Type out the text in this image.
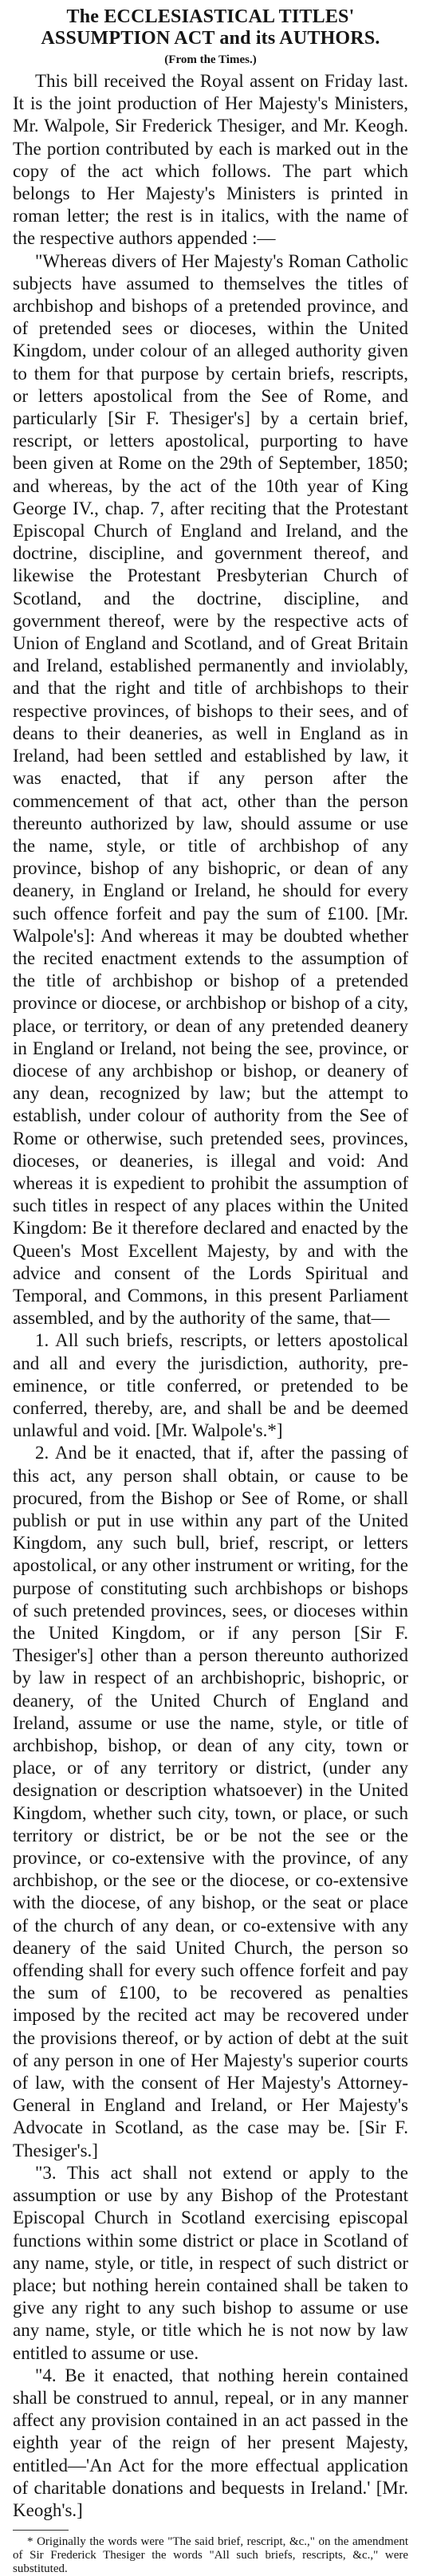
The ECCLESIASTICAL TITLES' ASSUMPTION ACT and its AUTHORS.
(From the Times.)

This bill received the Royal assent on Friday last. It is the joint production of Her Majesty's Ministers, Mr. Walpole, Sir Frederick Thesiger, and Mr. Keogh. The portion contributed by each is marked out in the copy of the act which follows. The part which belongs to Her Majesty's Ministers is printed in roman letter; the rest is in italics, with the name of the respective authors appended :—

"Whereas divers of Her Majesty's Roman Catholic subjects have assumed to themselves the titles of archbishop and bishops of a pretended province, and of pretended sees or dioceses, within the United Kingdom, under colour of an alleged authority given to them for that purpose by certain briefs, rescripts, or letters apostolical from the See of Rome, and particularly [Sir F. Thesiger's] by a certain brief, rescript, or letters apostolical, purporting to have been given at Rome on the 29th of September, 1850; and whereas, by the act of the 10th year of King George IV., chap. 7, after reciting that the Protestant Episcopal Church of England and Ireland, and the doctrine, discipline, and government thereof, and likewise the Protestant Presbyterian Church of Scotland, and the doctrine, discipline, and government thereof, were by the respective acts of Union of England and Scotland, and of Great Britain and Ireland, established permanently and inviolably, and that the right and title of archbishops to their respective provinces, of bishops to their sees, and of deans to their deaneries, as well in England as in Ireland, had been settled and established by law, it was enacted, that if any person after the commencement of that act, other than the person thereunto authorized by law, should assume or use the name, style, or title of archbishop of any province, bishop of any bishopric, or dean of any deanery, in England or Ireland, he should for every such offence forfeit and pay the sum of £100. [Mr. Walpole's]: And whereas it may be doubted whether the recited enactment extends to the assumption of the title of archbishop or bishop of a pretended province or diocese, or archbishop or bishop of a city, place, or territory, or dean of any pretended deanery in England or Ireland, not being the see, province, or diocese of any archbishop or bishop, or deanery of any dean, recognized by law; but the attempt to establish, under colour of authority from the See of Rome or otherwise, such pretended sees, provinces, dioceses, or deaneries, is illegal and void: And whereas it is expedient to prohibit the assumption of such titles in respect of any places within the United Kingdom: Be it therefore declared and enacted by the Queen's Most Excellent Majesty, by and with the advice and consent of the Lords Spiritual and Temporal, and Commons, in this present Parliament assembled, and by the authority of the same, that—

1. All such briefs, rescripts, or letters apostolical and all and every the jurisdiction, authority, pre-eminence, or title conferred, or pretended to be conferred, thereby, are, and shall be and be deemed unlawful and void. [Mr. Walpole's.*]

2. And be it enacted, that if, after the passing of this act, any person shall obtain, or cause to be procured, from the Bishop or See of Rome, or shall publish or put in use within any part of the United Kingdom, any such bull, brief, rescript, or letters apostolical, or any other instrument or writing, for the purpose of constituting such archbishops or bishops of such pretended provinces, sees, or dioceses within the United Kingdom, or if any person [Sir F. Thesiger's] other than a person thereunto authorized by law in respect of an archbishopric, bishopric, or deanery, of the United Church of England and Ireland, assume or use the name, style, or title of archbishop, bishop, or dean of any city, town or place, or of any territory or district, (under any designation or description whatsoever) in the United Kingdom, whether such city, town, or place, or such territory or district, be or be not the see or the province, or co-extensive with the province, of any archbishop, or the see or the diocese, or co-extensive with the diocese, of any bishop, or the seat or place of the church of any dean, or co-extensive with any deanery of the said United Church, the person so offending shall for every such offence forfeit and pay the sum of £100, to be recovered as penalties imposed by the recited act may be recovered under the provisions thereof, or by action of debt at the suit of any person in one of Her Majesty's superior courts of law, with the consent of Her Majesty's Attorney-General in England and Ireland, or Her Majesty's Advocate in Scotland, as the case may be. [Sir F. Thesiger's.]

"3. This act shall not extend or apply to the assumption or use by any Bishop of the Protestant Episcopal Church in Scotland exercising episcopal functions within some district or place in Scotland of any name, style, or title, in respect of such district or place; but nothing herein contained shall be taken to give any right to any such bishop to assume or use any name, style, or title which he is not now by law entitled to assume or use.

"4. Be it enacted, that nothing herein contained shall be construed to annul, repeal, or in any manner affect any provision contained in an act passed in the eighth year of the reign of her present Majesty, entitled—'An Act for the more effectual application of charitable donations and bequests in Ireland.' [Mr. Keogh's.]

* Originally the words were "The said brief, rescript, &c.," on the amendment of Sir Frederick Thesiger the words "All such briefs, rescripts, &c.," were substituted.
